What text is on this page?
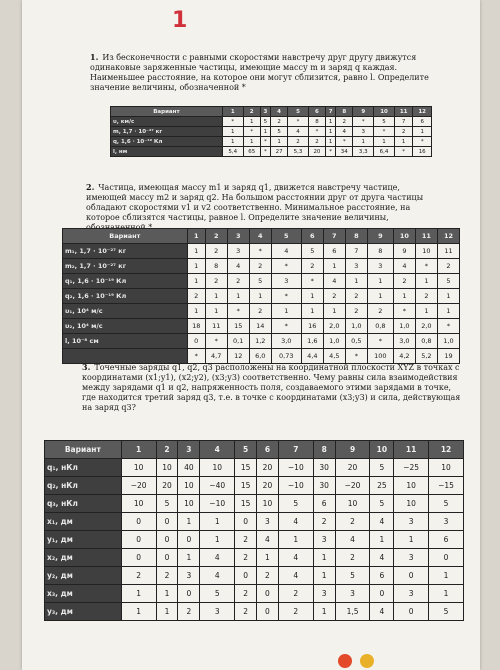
1
1. Из бесконечности с равными скоростями навстречу друг другу движутся одинаковые заряженные частицы, имеющие массу m и заряд q каждая. Наименьшее расстояние, на которое они могут сблизится, равно l. Определите значение величины, обозначенной *
Вариант	1	2	3	4	5	6	7	8	9	10	11	12
υ, км/с	*	1	5	2	*	8	1	2	*	5	7	6
m, 1,7 · 10⁻²⁷ кг	1	*	1	5	4	*	1	4	3	*	2	1
q, 1,6 · 10⁻¹⁹ Кл	1	1	*	1	2	2	1	*	1	1	1	*
l, нм	5,4	65	*	27	5,3	20	*	34	3,3	6,4	*	16
2. Частица, имеющая массу m1 и заряд q1, движется навстречу частице, имеющей массу m2 и заряд q2. На большом расстоянии друг от друга частицы обладают скоростями v1 и v2 соответственно. Минимальное расстояние, на которое сблизятся частицы, равное l. Определите значение величины,
Вариант	1	2	3	4	5	6	7	8	9	10	11	12
m₁, 1,7 · 10⁻²⁷ кг	1	2	3	*	4	5	6	7	8	9	10	11
m₂, 1,7 · 10⁻²⁷ кг	1	8	4	2	*	2	1	3	3	4	*	2
q₁, 1,6 · 10⁻¹⁹ Кл	1	2	2	5	3	*	4	1	1	2	1	5
q₂, 1,6 · 10⁻¹⁹ Кл	2	1	1	1	*	1	2	2	1	1	2	1
υ₁, 10⁴ м/с	1	1	*	2	1	1	1	2	2	*	1	1
υ₂, 10⁴ м/с	18	11	15	14	*	16	2,0	1,0	0,8	1,0	2,0	*
l, 10⁻⁸ см	0	*	0,1	1,2	3,0	1,6	1,0	0,5	*	3,0	0,8	1,0
	*	4,7	12	6,0	0,73	4,4	4,5	*	100	4,2	5,2	19
3. Точечные заряды q1, q2, q3 расположены на координатной плоскости XYZ в точках с координатами (x1;y1), (x2;y2), (x3;y3) соответственно. Чему равны сила взаимодействия между зарядами q1 и q2, напряженность поля, создаваемого этими зарядами в точке, где находится третий заряд q3, т.е. в точке с координатами (x3;y3) и сила, действующая на заряд q3?
Вариант	1	2	3	4	5	6	7	8	9	10	11	12
q₁, нКл	10	10	40	10	15	20	−10	30	20	5	−25	10
q₂, нКл	−20	20	10	−40	15	20	−10	30	−20	25	10	−15
q₃, нКл	10	5	10	−10	15	10	5	6	10	5	10	5
x₁, дм	0	0	1	1	0	3	4	2	2	4	3	3
y₁, дм	0	0	0	1	2	4	1	3	4	1	1	6
x₂, дм	0	0	1	4	2	1	4	1	2	4	3	0
y₂, дм	2	2	3	4	0	2	4	1	5	6	0	1
x₃, дм	1	1	0	5	2	0	2	3	3	0	3	1
y₃, дм	1	1	2	3	2	0	2	1	1,5	4	0	5
